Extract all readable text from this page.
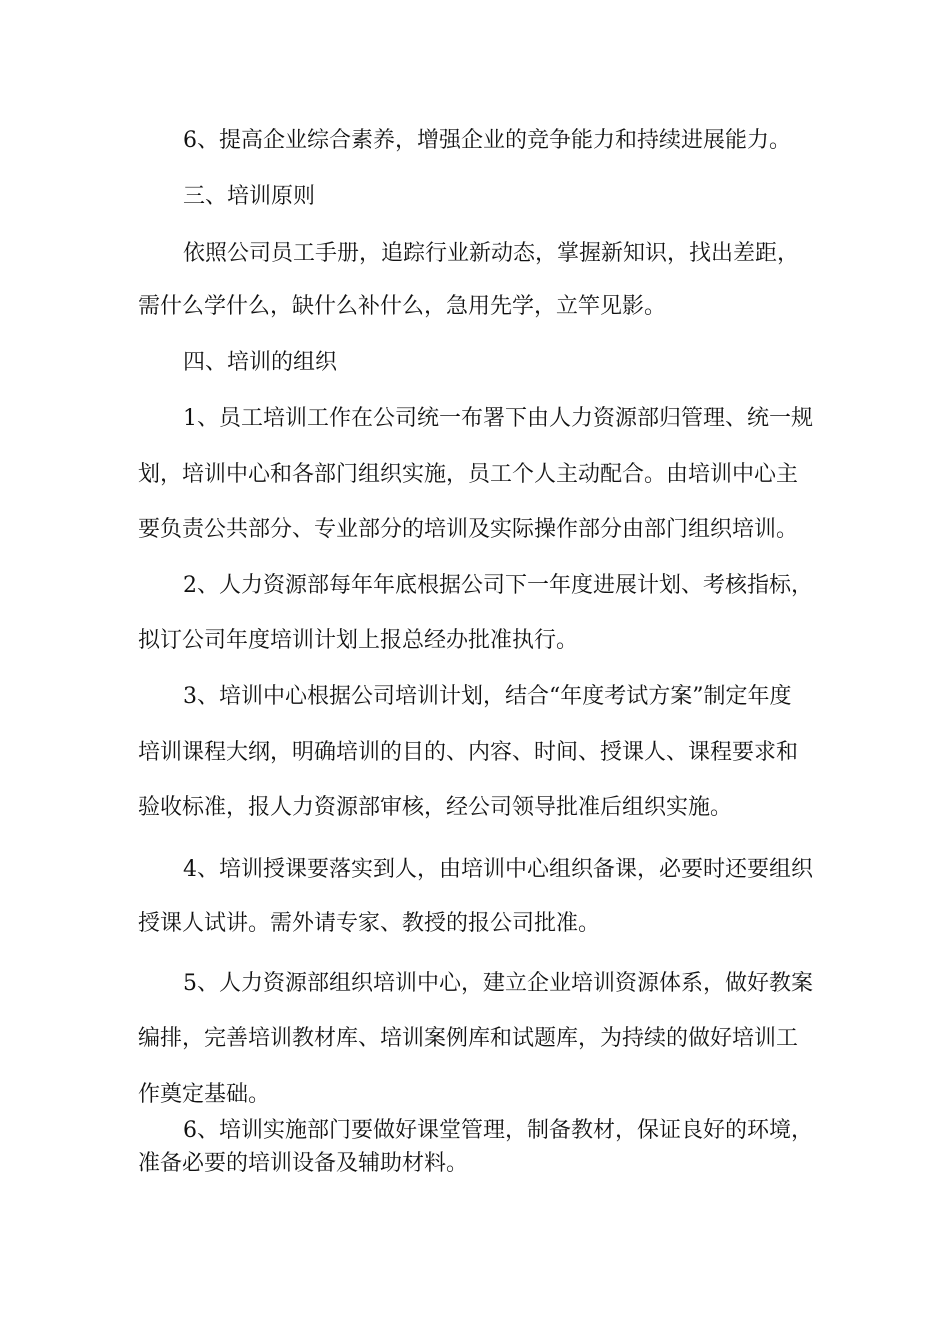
6、提高企业综合素养，增强企业的竞争能力和持续进展能力。
三、培训原则
依照公司员工手册，追踪行业新动态，掌握新知识，找出差距，
需什么学什么，缺什么补什么，急用先学，立竿见影。
四、培训的组织
1、员工培训工作在公司统一布署下由人力资源部归管理、统一规
划，培训中心和各部门组织实施，员工个人主动配合。由培训中心主
要负责公共部分、专业部分的培训及实际操作部分由部门组织培训。
2、人力资源部每年年底根据公司下一年度进展计划、考核指标，
拟订公司年度培训计划上报总经办批准执行。
3、培训中心根据公司培训计划，结合“年度考试方案”制定年度
培训课程大纲，明确培训的目的、内容、时间、授课人、课程要求和
验收标准，报人力资源部审核，经公司领导批准后组织实施。
4、培训授课要落实到人，由培训中心组织备课，必要时还要组织
授课人试讲。需外请专家、教授的报公司批准。
5、人力资源部组织培训中心，建立企业培训资源体系，做好教案
编排，完善培训教材库、培训案例库和试题库，为持续的做好培训工
作奠定基础。
6、培训实施部门要做好课堂管理，制备教材，保证良好的环境，
准备必要的培训设备及辅助材料。
